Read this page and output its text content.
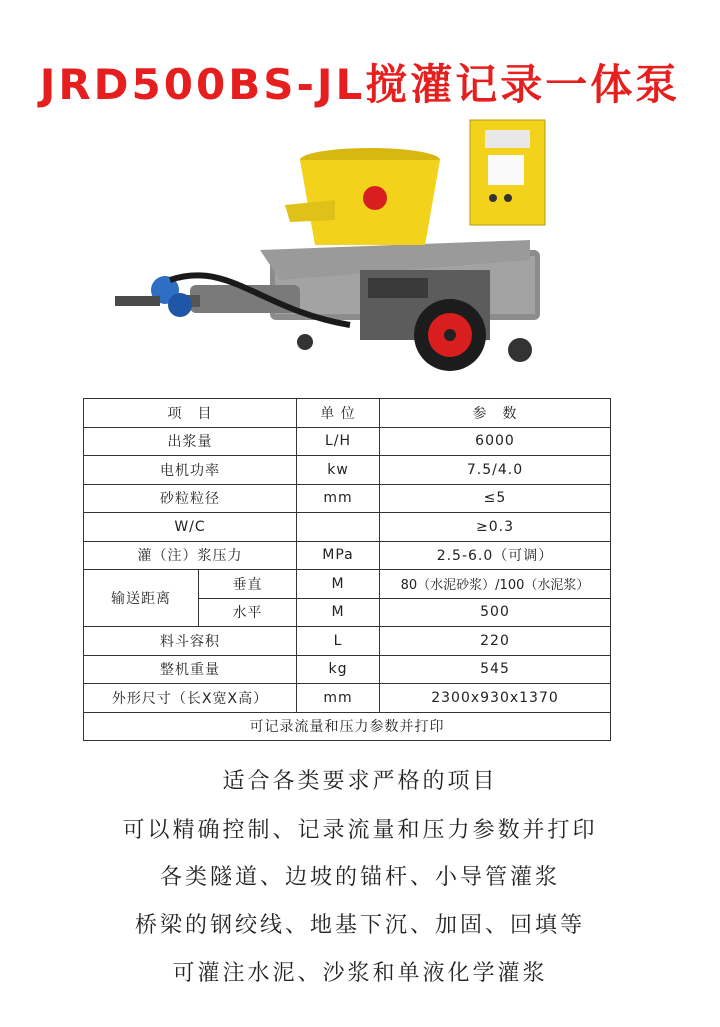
JRD500BS-JL搅灌记录一体泵
项　目		单 位	参　数
出浆量		L/H	6000
电机功率		kw	7.5/4.0
砂粒粒径		mm	≤5
W/C			≥0.3
灌（注）浆压力		MPa	2.5-6.0（可调）
输送距离	垂直	M	80（水泥砂浆）/100（水泥浆）
	水平	M	500
料斗容积		L	220
整机重量		kg	545
外形尺寸（长X宽X高）		mm	2300x930x1370
可记录流量和压力参数并打印			
适合各类要求严格的项目
可以精确控制、记录流量和压力参数并打印
各类隧道、边坡的锚杆、小导管灌浆
桥梁的钢绞线、地基下沉、加固、回填等
可灌注水泥、沙浆和单液化学灌浆
